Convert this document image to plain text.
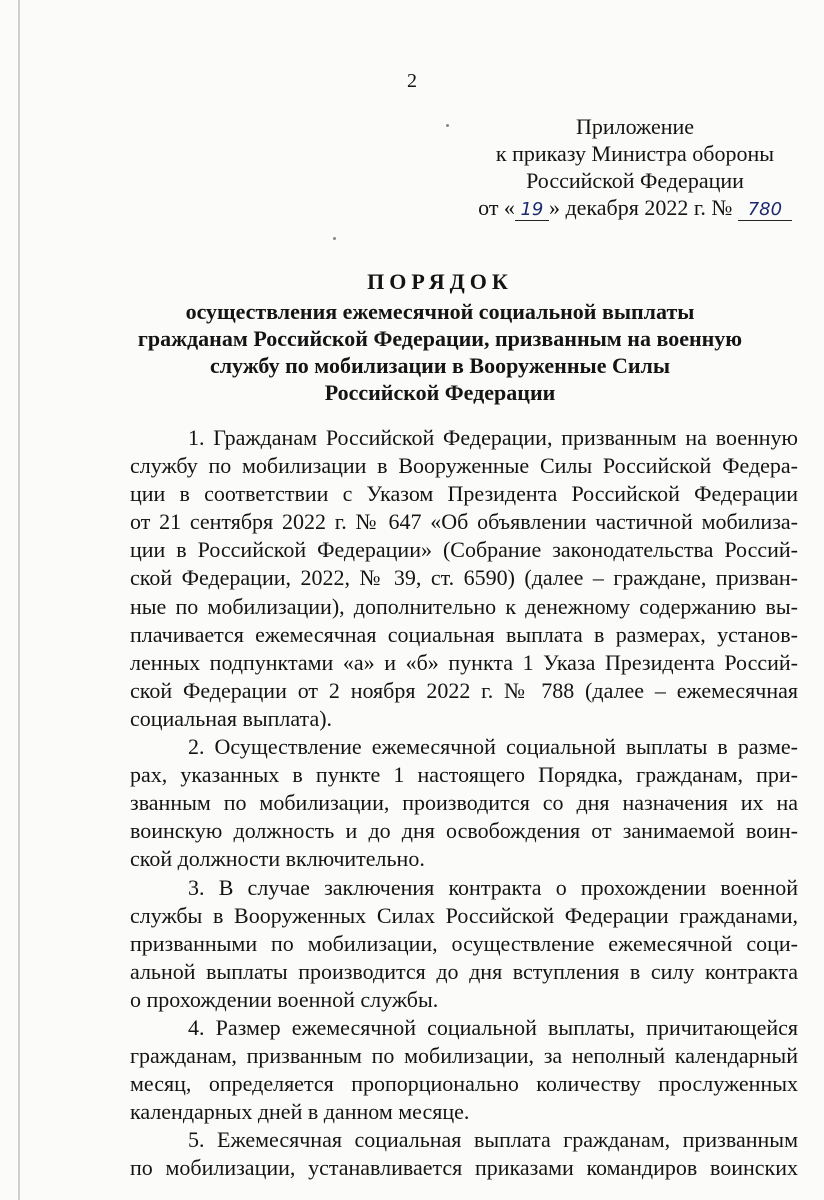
2
Приложение
к приказу Министра обороны
Российской Федерации
от « 19 » декабря 2022 г. № 780
ПОРЯДОК
осуществления ежемесячной социальной выплаты
гражданам Российской Федерации, призванным на военную
службу по мобилизации в Вооруженные Силы
Российской Федерации
1. Гражданам Российской Федерации, призванным на военную
службу по мобилизации в Вооруженные Силы Российской Федера-
ции в соответствии с Указом Президента Российской Федерации
от 21 сентября 2022 г. № 647 «Об объявлении частичной мобилиза-
ции в Российской Федерации» (Собрание законодательства Россий-
ской Федерации, 2022, № 39, ст. 6590) (далее – граждане, призван-
ные по мобилизации), дополнительно к денежному содержанию вы-
плачивается ежемесячная социальная выплата в размерах, установ-
ленных подпунктами «а» и «б» пункта 1 Указа Президента Россий-
ской Федерации от 2 ноября 2022 г. № 788 (далее – ежемесячная
социальная выплата).
2. Осуществление ежемесячной социальной выплаты в разме-
рах, указанных в пункте 1 настоящего Порядка, гражданам, при-
званным по мобилизации, производится со дня назначения их на
воинскую должность и до дня освобождения от занимаемой воин-
ской должности включительно.
3. В случае заключения контракта о прохождении военной
службы в Вооруженных Силах Российской Федерации гражданами,
призванными по мобилизации, осуществление ежемесячной соци-
альной выплаты производится до дня вступления в силу контракта
о прохождении военной службы.
4. Размер ежемесячной социальной выплаты, причитающейся
гражданам, призванным по мобилизации, за неполный календарный
месяц, определяется пропорционально количеству прослуженных
календарных дней в данном месяце.
5. Ежемесячная социальная выплата гражданам, призванным
по мобилизации, устанавливается приказами командиров воинских
